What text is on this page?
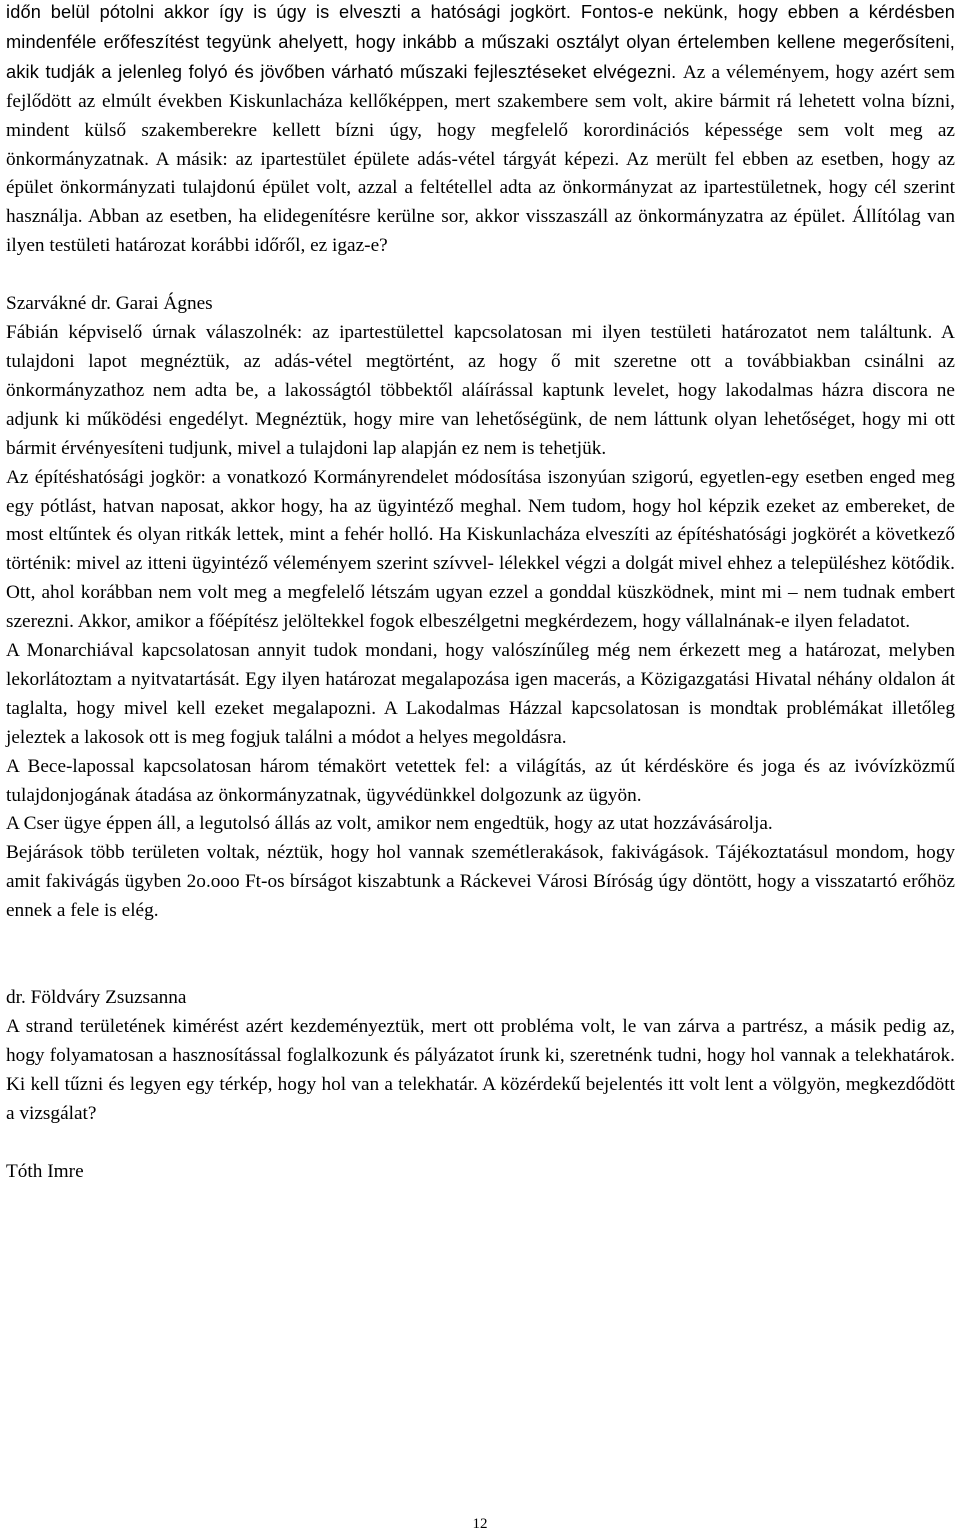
időn belül pótolni akkor így is úgy is elveszti a hatósági jogkört. Fontos-e nekünk, hogy ebben a kérdésben mindenféle erőfeszítést tegyünk ahelyett, hogy inkább a műszaki osztályt olyan értelemben kellene megerősíteni, akik tudják a jelenleg folyó és jövőben várható műszaki fejlesztéseket elvégezni. Az a véleményem, hogy azért sem fejlődött az elmúlt években Kiskunlacháza kellőképpen, mert szakembere sem volt, akire bármit rá lehetett volna bízni, mindent külső szakemberekre kellett bízni úgy, hogy megfelelő korordinációs képessége sem volt meg az önkormányzatnak. A másik: az ipartestület épülete adás-vétel tárgyát képezi. Az merült fel ebben az esetben, hogy az épület önkormányzati tulajdonú épület volt, azzal a feltétellel adta az önkormányzat az ipartestületnek, hogy cél szerint használja. Abban az esetben, ha elidegenítésre kerülne sor, akkor visszaszáll az önkormányzatra az épület. Állítólag van ilyen testületi határozat korábbi időről, ez igaz-e?

Szarvákné dr. Garai Ágnes

Fábián képviselő úrnak válaszolnék: az ipartestülettel kapcsolatosan mi ilyen testületi határozatot nem találtunk. A tulajdoni lapot megnéztük, az adás-vétel megtörtént, az hogy ő mit szeretne ott a továbbiakban csinálni az önkormányzathoz nem adta be, a lakosságtól többektől aláírással kaptunk levelet, hogy lakodalmas házra discora ne adjunk ki működési engedélyt. Megnéztük, hogy mire van lehetőségünk, de nem láttunk olyan lehetőséget, hogy mi ott bármit érvényesíteni tudjunk, mivel a tulajdoni lap alapján ez nem is tehetjük.

Az építéshatósági jogkör: a vonatkozó Kormányrendelet módosítása iszonyúan szigorú, egyetlen-egy esetben enged meg egy pótlást, hatvan naposat, akkor hogy, ha az ügyintéző meghal. Nem tudom, hogy hol képzik ezeket az embereket, de most eltűntek és olyan ritkák lettek, mint a fehér holló. Ha Kiskunlacháza elveszíti az építéshatósági jogkörét a következő történik: mivel az itteni ügyintéző véleményem szerint szívvel- lélekkel végzi a dolgát mivel ehhez a településhez kötődik. Ott, ahol korábban nem volt meg a megfelelő létszám ugyan ezzel a gonddal küszködnek, mint mi – nem tudnak embert szerezni. Akkor, amikor a főépítész jelöltekkel fogok elbeszélgetni megkérdezem, hogy vállalnának-e ilyen feladatot.

A Monarchiával kapcsolatosan annyit tudok mondani, hogy valószínűleg még nem érkezett meg a határozat, melyben lekorlátoztam a nyitvatartását. Egy ilyen határozat megalapozása igen macerás, a Közigazgatási Hivatal néhány oldalon át taglalta, hogy mivel kell ezeket megalapozni. A Lakodalmas Házzal kapcsolatosan is mondtak problémákat illetőleg jeleztek a lakosok ott is meg fogjuk találni a módot a helyes megoldásra.

A Bece-lapossal kapcsolatosan három témakört vetettek fel: a világítás, az út kérdésköre és joga és az ivóvízközmű tulajdonjogának átadása az önkormányzatnak, ügyvédünkkel dolgozunk az ügyön.

A Cser ügye éppen áll, a legutolsó állás az volt, amikor nem engedtük, hogy az utat hozzávásárolja.

Bejárások több területen voltak, néztük, hogy hol vannak szemétlerakások, fakivágások. Tájékoztatásul mondom, hogy amit fakivágás ügyben 2o.ooo Ft-os bírságot kiszabtunk a Ráckevei Városi Bíróság úgy döntött, hogy a visszatartó erőhöz ennek a fele is elég.

dr. Földváry Zsuzsanna

A strand területének kimérést azért kezdeményeztük, mert ott probléma volt, le van zárva a partrész, a másik pedig az, hogy folyamatosan a hasznosítással foglalkozunk és pályázatot írunk ki, szeretnénk tudni, hogy hol vannak a telekhatárok. Ki kell tűzni és legyen egy térkép, hogy hol van a telekhatár. A közérdekű bejelentés itt volt lent a völgyön, megkezdődött a vizsgálat?

Tóth Imre

12
